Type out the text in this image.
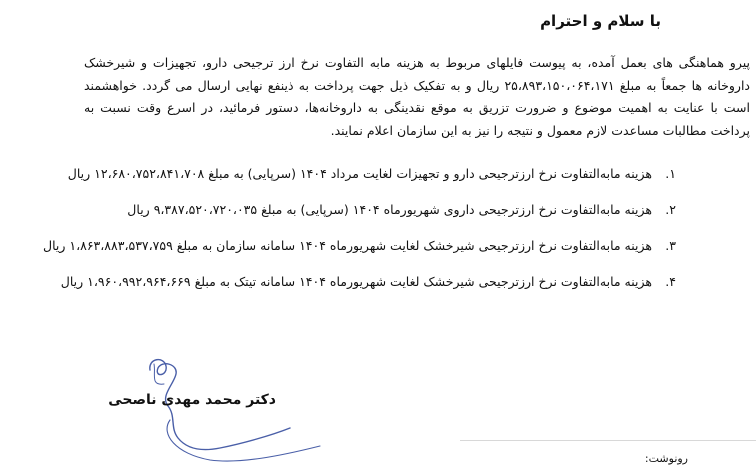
با سلام و احترام
پیرو هماهنگی های بعمل آمده، به پیوست فایلهای مربوط به هزینه مابه التفاوت نرخ ارز ترجیحی دارو، تجهیزات و شیرخشک داروخانه ها جمعاً به مبلغ ۲۵،۸۹۳،۱۵۰،۰۶۴،۱۷۱ ریال و به تفکیک ذیل جهت پرداخت به ذینفع نهایی ارسال می گردد. خواهشمند است با عنایت به اهمیت موضوع و ضرورت تزریق به موقع نقدینگی به داروخانه‌ها، دستور فرمائید، در اسرع وقت نسبت به پرداخت مطالبات مساعدت لازم معمول و نتیجه را نیز به این سازمان اعلام نمایند.
۱.
هزینه مابه‌التفاوت نرخ ارزترجیحی دارو و تجهیزات لغایت مرداد ۱۴۰۴ (سرپایی) به مبلغ ۱۲،۶۸۰،۷۵۲،۸۴۱،۷۰۸ ریال
۲.
هزینه مابه‌التفاوت نرخ ارزترجیحی داروی شهریورماه ۱۴۰۴ (سرپایی) به مبلغ ۹،۳۸۷،۵۲۰،۷۲۰،۰۳۵ ریال
۳.
هزینه مابه‌التفاوت نرخ ارزترجیحی شیرخشک لغایت شهریورماه ۱۴۰۴ سامانه سازمان به مبلغ ۱،۸۶۳،۸۸۳،۵۳۷،۷۵۹ ریال
۴.
هزینه مابه‌التفاوت نرخ ارزترجیحی شیرخشک لغایت شهریورماه ۱۴۰۴ سامانه تیتک به مبلغ ۱،۹۶۰،۹۹۲،۹۶۴،۶۶۹ ریال
دکتر محمد مهدی ناصحی
رونوشت:
